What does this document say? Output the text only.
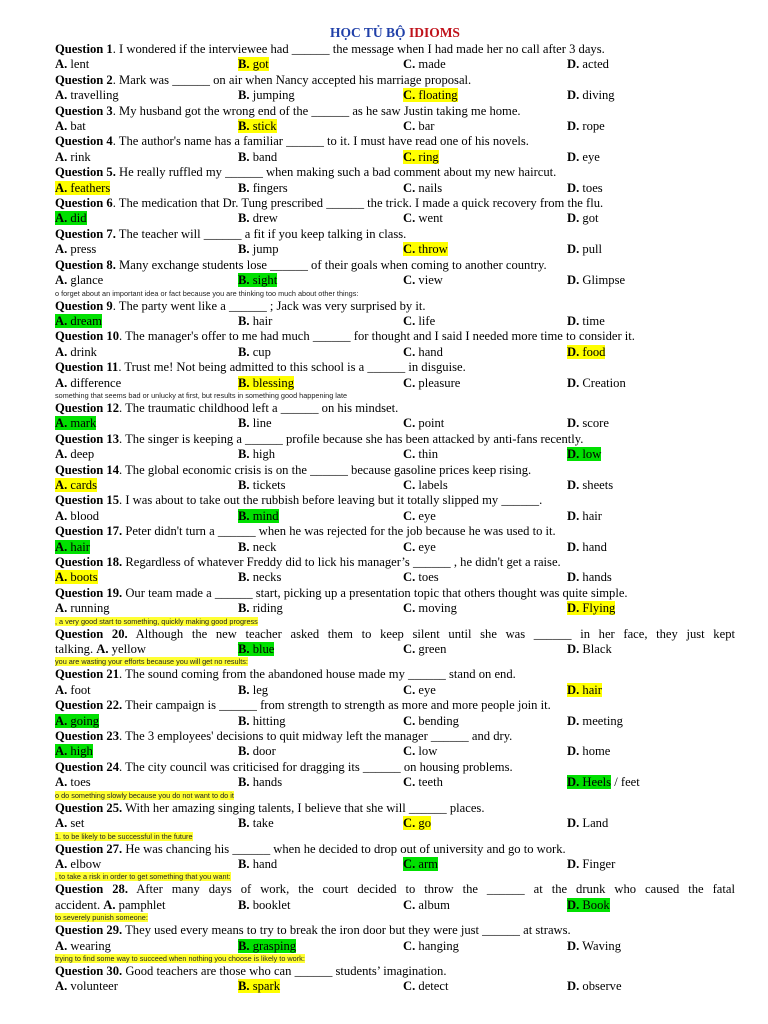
HỌC TỦ BỘ IDIOMS
Question 1. I wondered if the interviewee had ______ the message when I had made her no call after 3 days.
A. lent	B. got	C. made	D. acted
Question 2. Mark was ______ on air when Nancy accepted his marriage proposal.
A. travelling	B. jumping	C. floating	D. diving
Question 3. My husband got the wrong end of the ______ as he saw Justin taking me home.
A. bat	B. stick	C. bar	D. rope
Question 4. The author's name has a familiar ______ to it. I must have read one of his novels.
A. rink	B. band	C. ring	D. eye
Question 5. He really ruffled my ______ when making such a bad comment about my new haircut.
A. feathers	B. fingers	C. nails	D. toes
Question 6. The medication that Dr. Tung prescribed ______ the trick. I made a quick recovery from the flu.
A. did	B. drew	C. went	D. got
Question 7. The teacher will ______ a fit if you keep talking in class.
A. press	B. jump	C. throw	D. pull
Question 8. Many exchange students lose ______ of their goals when coming to another country.
A. glance	B. sight	C. view	D. Glimpse
o forget about an important idea or fact because you are thinking too much about other things:
Question 9. The party went like a ______ ; Jack was very surprised by it.
A. dream	B. hair	C. life	D. time
Question 10. The manager's offer to me had much ______ for thought and I said I needed more time to consider it.
A. drink	B. cup	C. hand	D. food
Question 11. Trust me! Not being admitted to this school is a ______ in disguise.
A. difference	B. blessing	C. pleasure	D. Creation
something that seems bad or unlucky at first, but results in something good happening late
Question 12. The traumatic childhood left a ______ on his mindset.
A. mark	B. line	C. point	D. score
Question 13. The singer is keeping a ______ profile because she has been attacked by anti-fans recently.
A. deep	B. high	C. thin	D. low
Question 14. The global economic crisis is on the ______ because gasoline prices keep rising.
A. cards	B. tickets	C. labels	D. sheets
Question 15. I was about to take out the rubbish before leaving but it totally slipped my ______.
A. blood	B. mind	C. eye	D. hair
Question 17. Peter didn't turn a ______ when he was rejected for the job because he was used to it.
A. hair	B. neck	C. eye	D. hand
Question 18. Regardless of whatever Freddy did to lick his manager’s ______ , he didn't get a raise.
A. boots	B. necks	C. toes	D. hands
Question 19. Our team made a ______ start, picking up a presentation topic that others thought was quite simple.
A. running	B. riding	C. moving	D. Flying
, a very good start to something, quickly making good progress
Question 20. Although the new teacher asked them to keep silent until she was ______ in her face, they just kept
talking. A. yellow	B. blue	C. green	D. Black
you are wasting your efforts because you will get no results:
Question 21. The sound coming from the abandoned house made my ______ stand on end.
A. foot	B. leg	C. eye	D. hair
Question 22. Their campaign is ______ from strength to strength as more and more people join it.
A. going	B. hitting	C. bending	D. meeting
Question 23. The 3 employees' decisions to quit midway left the manager ______ and dry.
A. high	B. door	C. low	D. home
Question 24. The city council was criticised for dragging its ______ on housing problems.
A. toes	B. hands	C. teeth	D. Heels / feet
o do something slowly because you do not want to do it
Question 25. With her amazing singing talents, I believe that she will ______ places.
A. set	B. take	C. go	D. Land
1. to be likely to be successful in the future
Question 27. He was chancing his ______ when he decided to drop out of university and go to work.
A. elbow	B. hand	C. arm	D. Finger
, to take a risk in order to get something that you want:
Question 28. After many days of work, the court decided to throw the ______ at the drunk who caused the fatal
accident. A. pamphlet	B. booklet	C. album	D. Book
to severely punish someone:
Question 29. They used every means to try to break the iron door but they were just ______ at straws.
A. wearing	B. grasping	C. hanging	D. Waving
trying to find some way to succeed when nothing you choose is likely to work:
Question 30. Good teachers are those who can ______ students’ imagination.
A. volunteer	B. spark	C. detect	D. observe
